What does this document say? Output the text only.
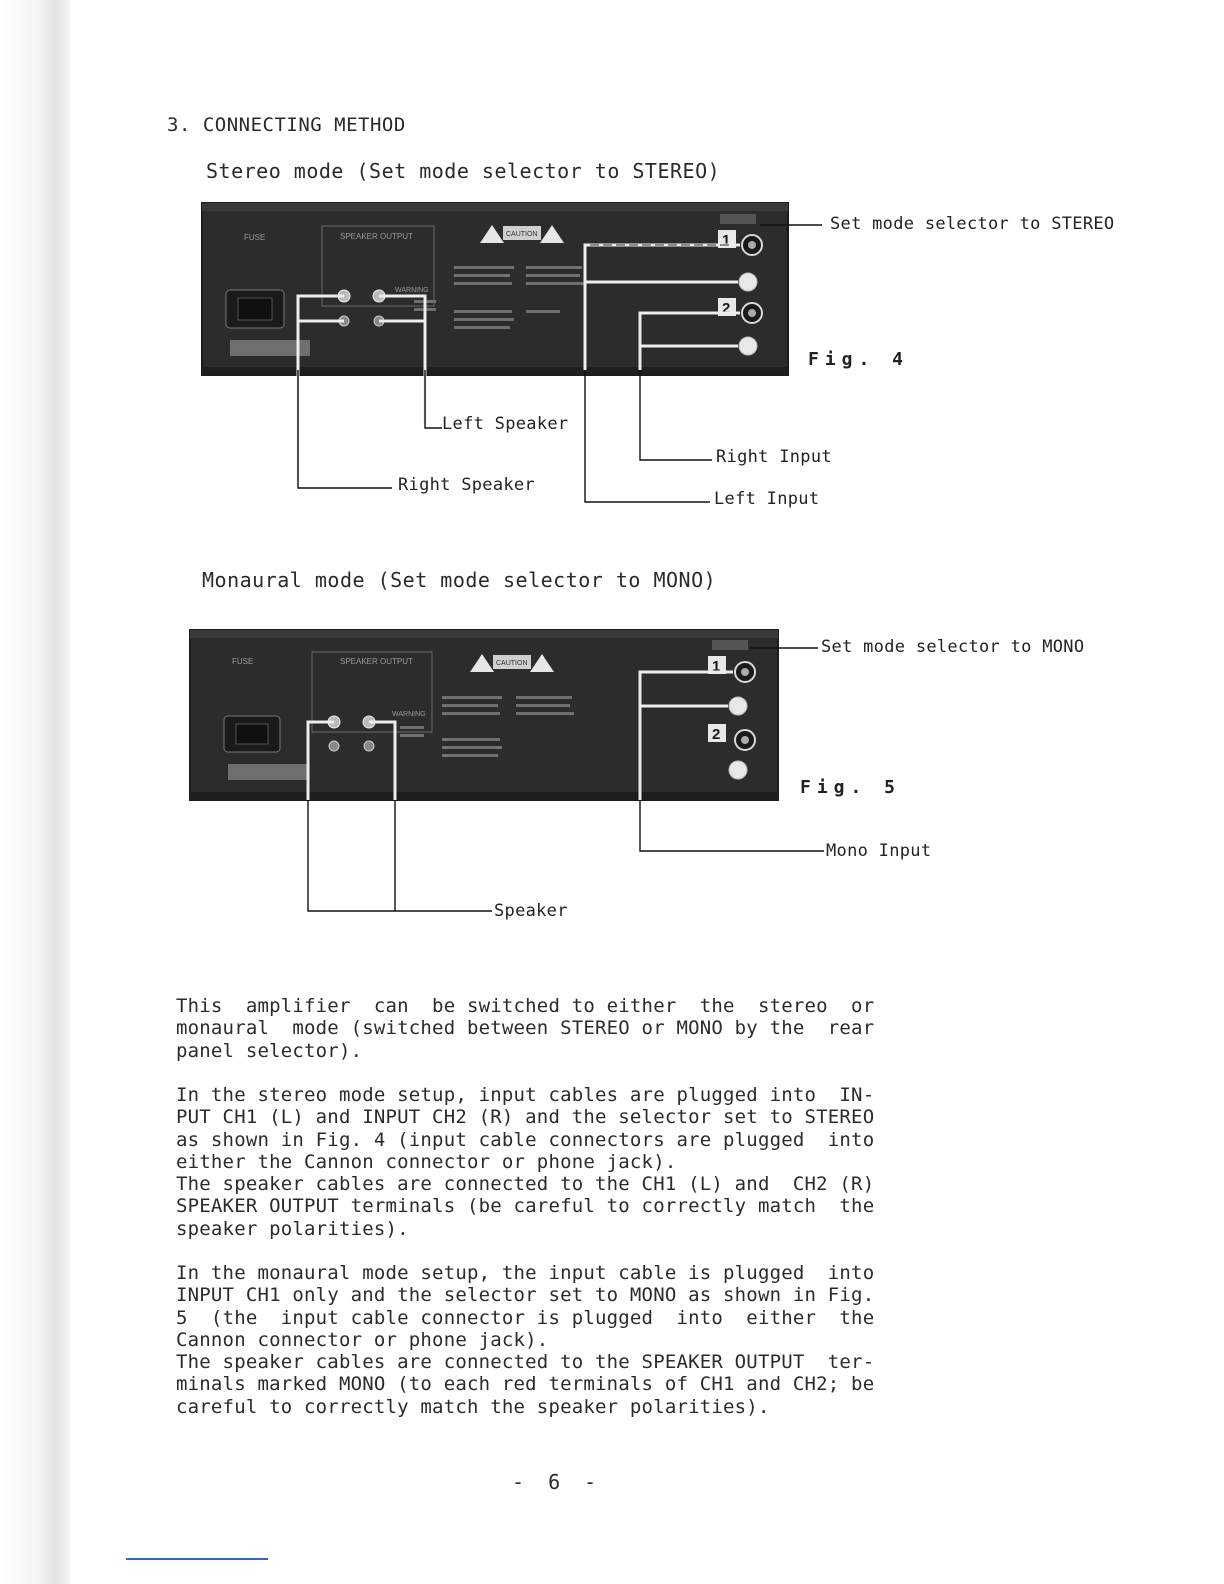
3. CONNECTING METHOD
Stereo mode (Set mode selector to STEREO)
SPEAKER OUTPUT
FUSE	CAUTION
WARNING
1
2
Set mode selector to STEREO
Fig. 4
Left Speaker
Right Speaker
Right Input
Left Input
Monaural mode (Set mode selector to MONO)
SPEAKER OUTPUT
FUSE	CAUTION
WARNING
1
2
Set mode selector to MONO
Fig. 5
Mono Input
Speaker

This  amplifier  can  be switched to either  the  stereo  or
monaural  mode (switched between STEREO or MONO by the  rear
panel selector).

In the stereo mode setup, input cables are plugged into  IN-
PUT CH1 (L) and INPUT CH2 (R) and the selector set to STEREO
as shown in Fig. 4 (input cable connectors are plugged  into
either the Cannon connector or phone jack).
The speaker cables are connected to the CH1 (L) and  CH2 (R)
SPEAKER OUTPUT terminals (be careful to correctly match  the
speaker polarities).

In the monaural mode setup, the input cable is plugged  into
INPUT CH1 only and the selector set to MONO as shown in Fig.
5  (the  input cable connector is plugged  into  either  the
Cannon connector or phone jack).
The speaker cables are connected to the SPEAKER OUTPUT  ter-
minals marked MONO (to each red terminals of CH1 and CH2; be
careful to correctly match the speaker polarities).

- 6 -
